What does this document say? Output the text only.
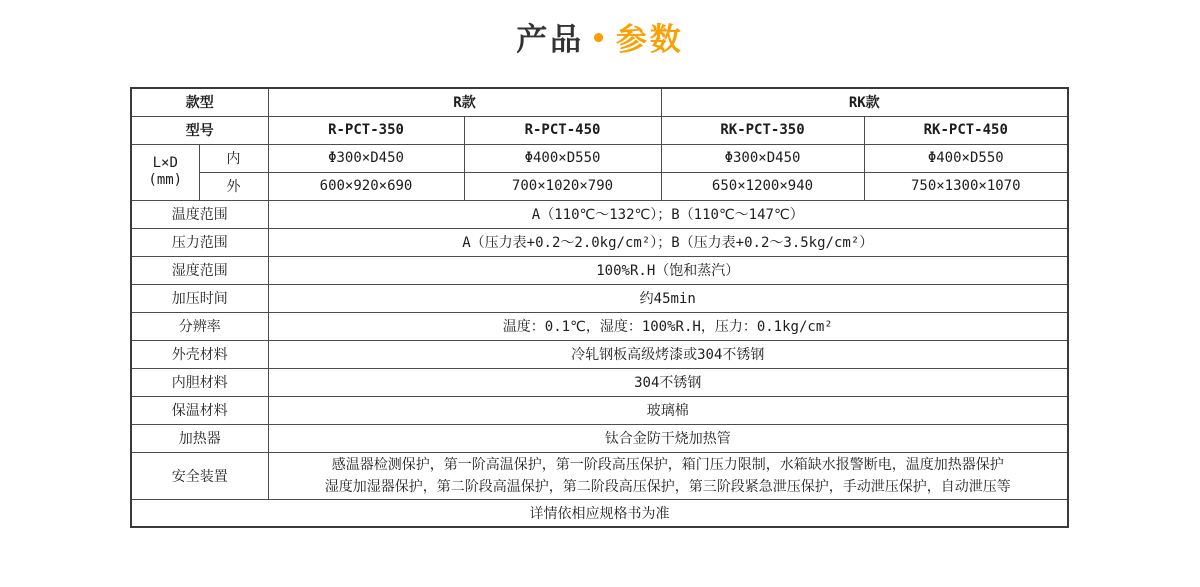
产品 • 参数
款型		R款		RK款	
型号		R-PCT-350	R-PCT-450	RK-PCT-350	RK-PCT-450
L×D
(mm)	内	Φ300×D450	Φ400×D550	Φ300×D450	Φ400×D550
	外	600×920×690	700×1020×790	650×1200×940	750×1300×1070
温度范围		A（110℃～132℃）；B（110℃～147℃）			
压力范围		A（压力表+0.2～2.0kg/cm²）；B（压力表+0.2～3.5kg/cm²）			
湿度范围		100%R.H（饱和蒸汽）			
加压时间		约45min			
分辨率		温度：0.1℃，湿度：100%R.H，压力：0.1kg/cm²			
外壳材料		冷轧钢板高级烤漆或304不锈钢			
内胆材料		304不锈钢			
保温材料		玻璃棉			
加热器		钛合金防干烧加热管			
安全装置		感温器检测保护，第一阶高温保护，第一阶段高压保护，箱门压力限制，水箱缺水报警断电，温度加热器保护
湿度加湿器保护，第二阶段高温保护，第二阶段高压保护，第三阶段紧急泄压保护，手动泄压保护，自动泄压等			
详情依相应规格书为准					
